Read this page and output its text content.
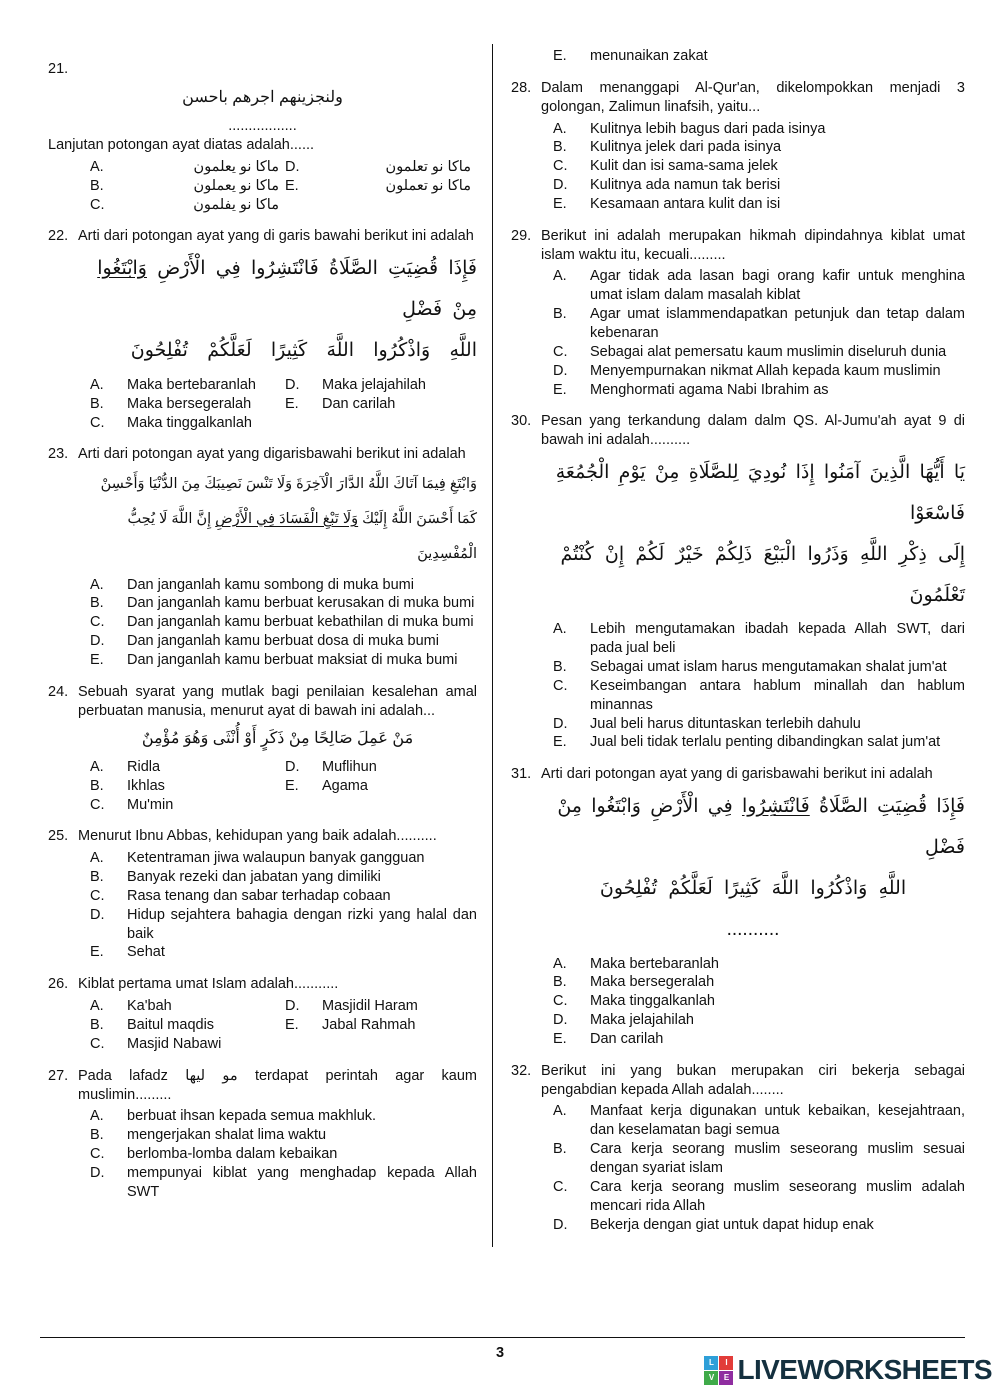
21.
ولنجزينهم اجرهم باحسن
.................
Lanjutan potongan ayat diatas adalah......
A.	ماكا نو يعلمون D.	ماكا نو تعلمون
B.	ماكا نو يعملون E.	ماكا نو تعملون
C.	ماكا نو يفلمون
22. Arti dari potongan ayat yang di garis bawahi berikut ini adalah
فَإِذَا قُضِيَتِ الصَّلَاةُ فَانْتَشِرُوا فِي الْأَرْضِ وَابْتَغُوا مِنْ فَضْلِ
اللَّهِ وَاذْكُرُوا اللَّهَ كَثِيرًا لَعَلَّكُمْ تُفْلِحُونَ
A.	Maka bertebaranlah	D.	Maka jelajahilah
B.	Maka bersegeralah	E.	Dan carilah
C.	Maka tinggalkanlah
23. Arti dari potongan ayat yang digarisbawahi berikut ini adalah
وَابْتَغِ فِيمَا آتَاكَ اللَّهُ الدَّارَ الْآخِرَةَ وَلَا تَنْسَ نَصِيبَكَ مِنَ الدُّنْيَا وَأَحْسِنْ
كَمَا أَحْسَنَ اللَّهُ إِلَيْكَ وَلَا تَبْغِ الْفَسَادَ فِي الْأَرْضِ إِنَّ اللَّهَ لَا يُحِبُّ الْمُفْسِدِينَ
A.	Dan janganlah kamu sombong di muka bumi
B.	Dan janganlah kamu berbuat kerusakan di muka bumi
C.	Dan janganlah kamu berbuat kebathilan di muka bumi
D.	Dan janganlah kamu berbuat dosa di muka bumi
E.	Dan janganlah kamu berbuat maksiat di muka bumi
24. Sebuah syarat yang mutlak bagi penilaian kesalehan amal perbuatan manusia, menurut ayat di bawah ini adalah...
مَنْ عَمِلَ صَالِحًا مِنْ ذَكَرٍ أَوْ أُنْثَى وَهُوَ مُؤْمِنٌ
A.	Ridla	D.	Muflihun
B.	Ikhlas	E.	Agama
C.	Mu'min
25. Menurut Ibnu Abbas, kehidupan yang baik adalah..........
A.	Ketentraman jiwa walaupun banyak gangguan
B.	Banyak rezeki dan jabatan yang dimiliki
C.	Rasa tenang dan sabar terhadap cobaan
D.	Hidup sejahtera bahagia dengan rizki yang halal dan baik
E.	Sehat
26. Kiblat pertama umat Islam adalah...........
A.	Ka'bah	D.	Masjidil Haram
B.	Baitul maqdis	E.	Jabal Rahmah
C.	Masjid Nabawi
27. Pada lafadz مو ليها terdapat perintah agar kaum muslimin.........
A.	berbuat ihsan kepada semua makhluk.
B.	mengerjakan shalat lima waktu
C.	berlomba-lomba dalam kebaikan
D.	mempunyai kiblat yang menghadap kepada Allah SWT
E.	menunaikan zakat
28. Dalam menanggapi Al-Qur'an, dikelompokkan menjadi 3 golongan, Zalimun linafsih, yaitu...
A.	Kulitnya lebih bagus dari pada isinya
B.	Kulitnya jelek dari pada isinya
C.	Kulit dan isi sama-sama jelek
D.	Kulitnya ada namun tak berisi
E.	Kesamaan antara kulit dan isi
29. Berikut ini adalah merupakan hikmah dipindahnya kiblat umat islam waktu itu, kecuali.........
A.	Agar tidak ada lasan bagi orang kafir untuk menghina umat islam dalam masalah kiblat
B.	Agar umat islammendapatkan petunjuk dan tetap dalam kebenaran
C.	Sebagai alat pemersatu kaum muslimin diseluruh dunia
D.	Menyempurnakan nikmat Allah kepada kaum muslimin
E.	Menghormati agama Nabi Ibrahim as
30. Pesan yang terkandung dalam dalm QS. Al-Jumu'ah ayat 9 di bawah ini adalah..........
يَا أَيُّهَا الَّذِينَ آمَنُوا إِذَا نُودِيَ لِلصَّلَاةِ مِنْ يَوْمِ الْجُمُعَةِ فَاسْعَوْا
إِلَى ذِكْرِ اللَّهِ وَذَرُوا الْبَيْعَ ذَلِكُمْ خَيْرٌ لَكُمْ إِنْ كُنْتُمْ تَعْلَمُونَ
A.	Lebih mengutamakan ibadah kepada Allah SWT, dari pada jual beli
B.	Sebagai umat islam harus mengutamakan shalat jum'at
C.	Keseimbangan antara hablum minallah dan hablum minannas
D.	Jual beli harus dituntaskan terlebih dahulu
E.	Jual beli tidak terlalu penting dibandingkan salat jum'at
31. Arti dari potongan ayat yang di garisbawahi berikut ini adalah
فَإِذَا قُضِيَتِ الصَّلَاةُ فَانْتَشِرُوا فِي الْأَرْضِ وَابْتَغُوا مِنْ فَضْلِ
اللَّهِ وَاذْكُرُوا اللَّهَ كَثِيرًا لَعَلَّكُمْ تُفْلِحُونَ
..........
A.	Maka bertebaranlah
B.	Maka bersegeralah
C.	Maka tinggalkanlah
D.	Maka jelajahilah
E.	Dan carilah
32. Berikut ini yang bukan merupakan ciri bekerja sebagai pengabdian kepada Allah adalah........
A.	Manfaat kerja digunakan untuk kebaikan, kesejahtraan, dan keselamatan bagi semua
B.	Cara kerja seorang muslim seseorang muslim sesuai dengan syariat islam
C.	Cara kerja seorang muslim seseorang muslim adalah mencari rida Allah
D.	Bekerja dengan giat untuk dapat hidup enak
3
L	I
V	E LIVEWORKSHEETS
